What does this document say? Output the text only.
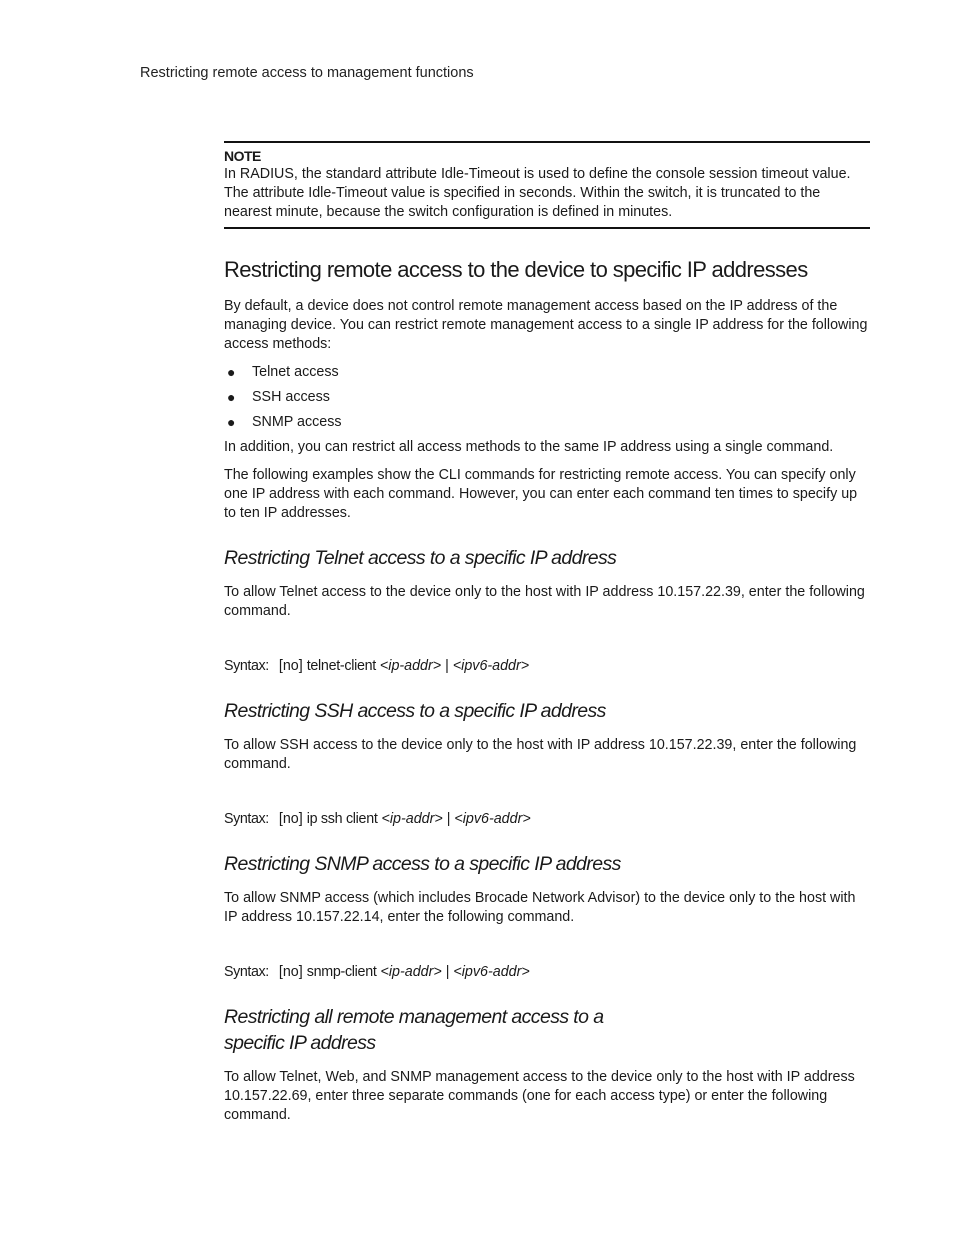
Restricting remote access to management functions

NOTE

In RADIUS, the standard attribute Idle-Timeout is used to define the console session timeout value. The attribute Idle-Timeout value is specified in seconds. Within the switch, it is truncated to the nearest minute, because the switch configuration is defined in minutes.

Restricting remote access to the device to specific IP addresses

By default, a device does not control remote management access based on the IP address of the managing device. You can restrict remote management access to a single IP address for the following access methods:

● Telnet access
● SSH access
● SNMP access

In addition, you can restrict all access methods to the same IP address using a single command.

The following examples show the CLI commands for restricting remote access. You can specify only one IP address with each command. However, you can enter each command ten times to specify up to ten IP addresses.

Restricting Telnet access to a specific IP address

To allow Telnet access to the device only to the host with IP address 10.157.22.39, enter the following command.

Syntax: [no] telnet-client <ip-addr> | <ipv6-addr>
Restricting SSH access to a specific IP address

To allow SSH access to the device only to the host with IP address 10.157.22.39, enter the following command.

Syntax: [no] ip ssh client <ip-addr> | <ipv6-addr>
Restricting SNMP access to a specific IP address

To allow SNMP access (which includes Brocade Network Advisor) to the device only to the host with IP address 10.157.22.14, enter the following command.

Syntax: [no] snmp-client <ip-addr> | <ipv6-addr>
Restricting all remote management access to a
specific IP address

To allow Telnet, Web, and SNMP management access to the device only to the host with IP address 10.157.22.69, enter three separate commands (one for each access type) or enter the following command.
